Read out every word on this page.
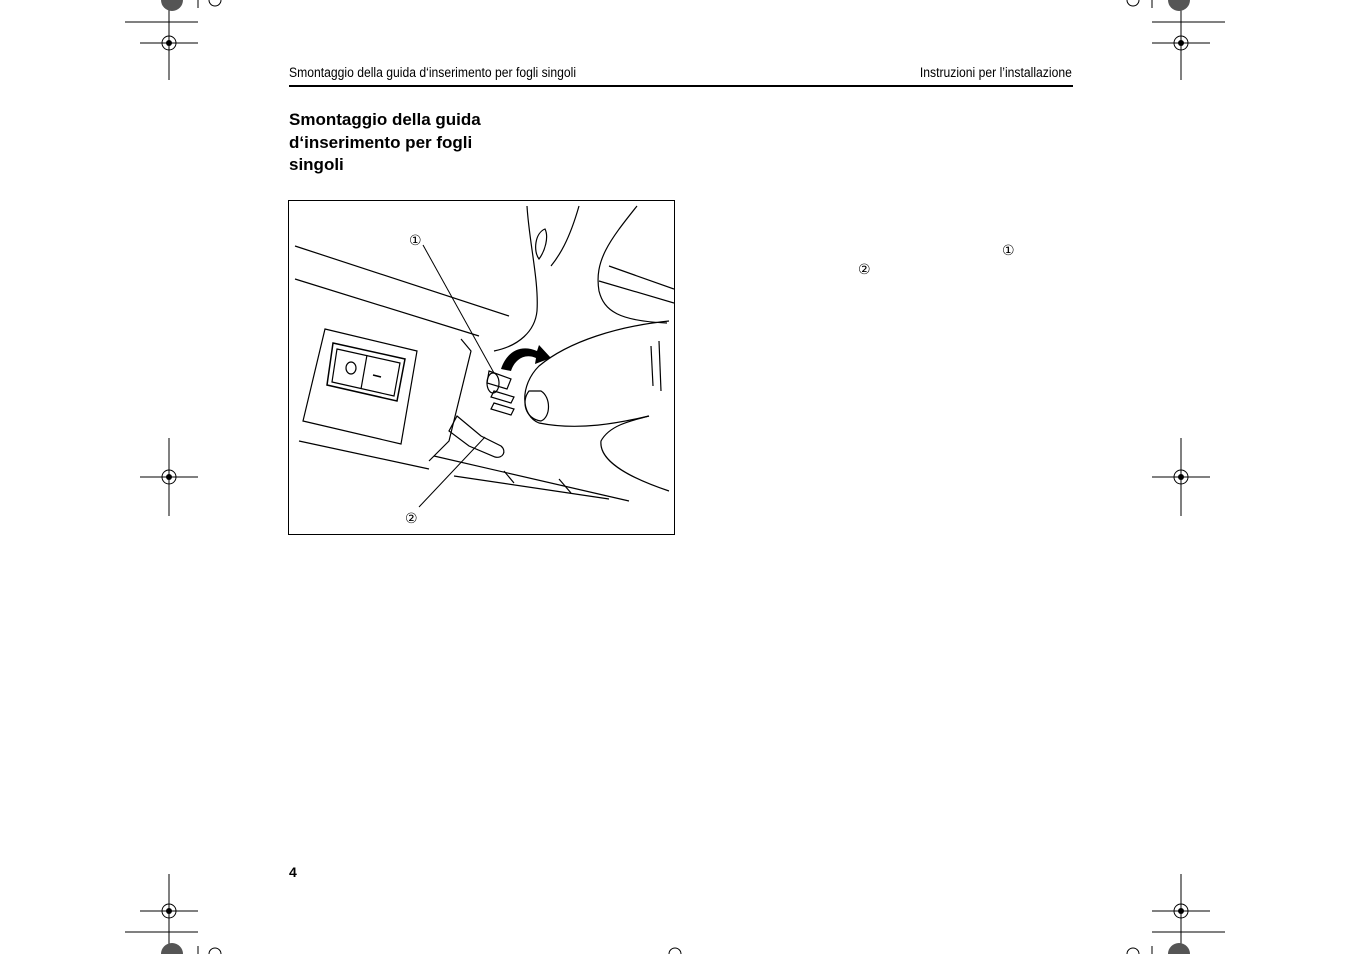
Smontaggio della guida d‘inserimento per fogli singoli	Instruzioni per l’installazione
Smontaggio della guida
d‘inserimento per fogli
singoli
①
②
①
②
4
